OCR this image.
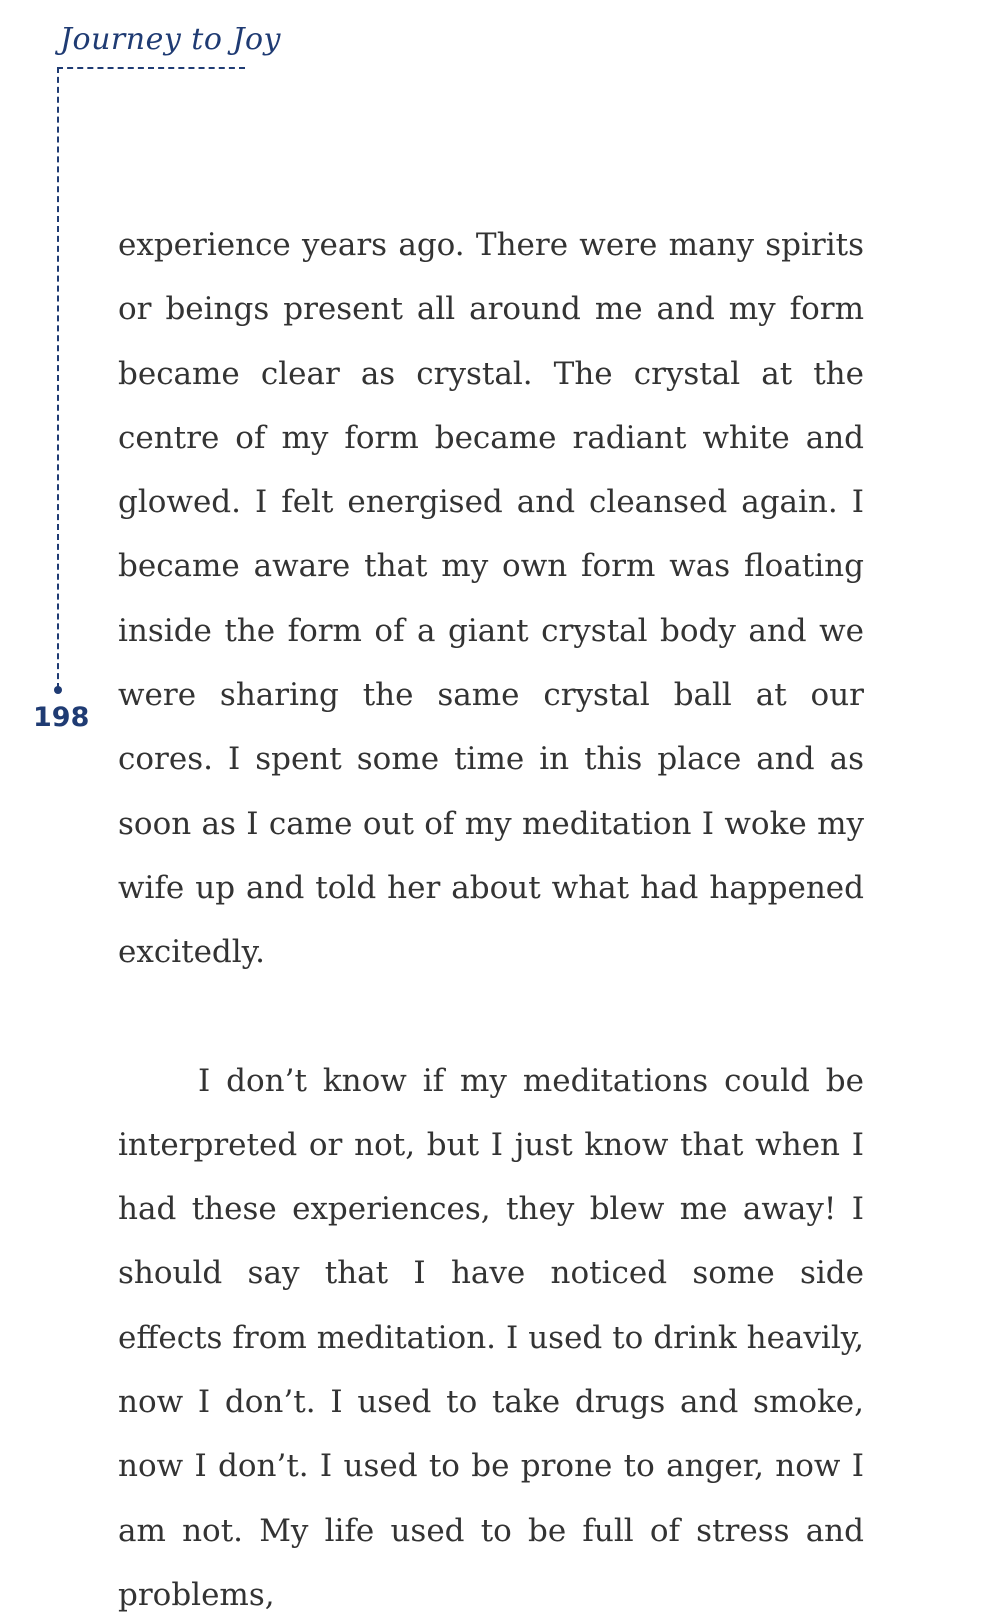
Journey to Joy
198

experience years ago. There were many spirits or beings present all around me and my form became clear as crystal. The crystal at the centre of my form became radiant white and glowed. I felt energised and cleansed again. I became aware that my own form was floating inside the form of a giant crystal body and we were sharing the same crystal ball at our cores. I spent some time in this place and as soon as I came out of my meditation I woke my wife up and told her about what had happened excitedly.

I don’t know if my meditations could be interpreted or not, but I just know that when I had these experiences, they blew me away! I should say that I have noticed some side effects from meditation. I used to drink heavily, now I don’t. I used to take drugs and smoke, now I don’t. I used to be prone to anger, now I am not. My life used to be full of stress and problems,
